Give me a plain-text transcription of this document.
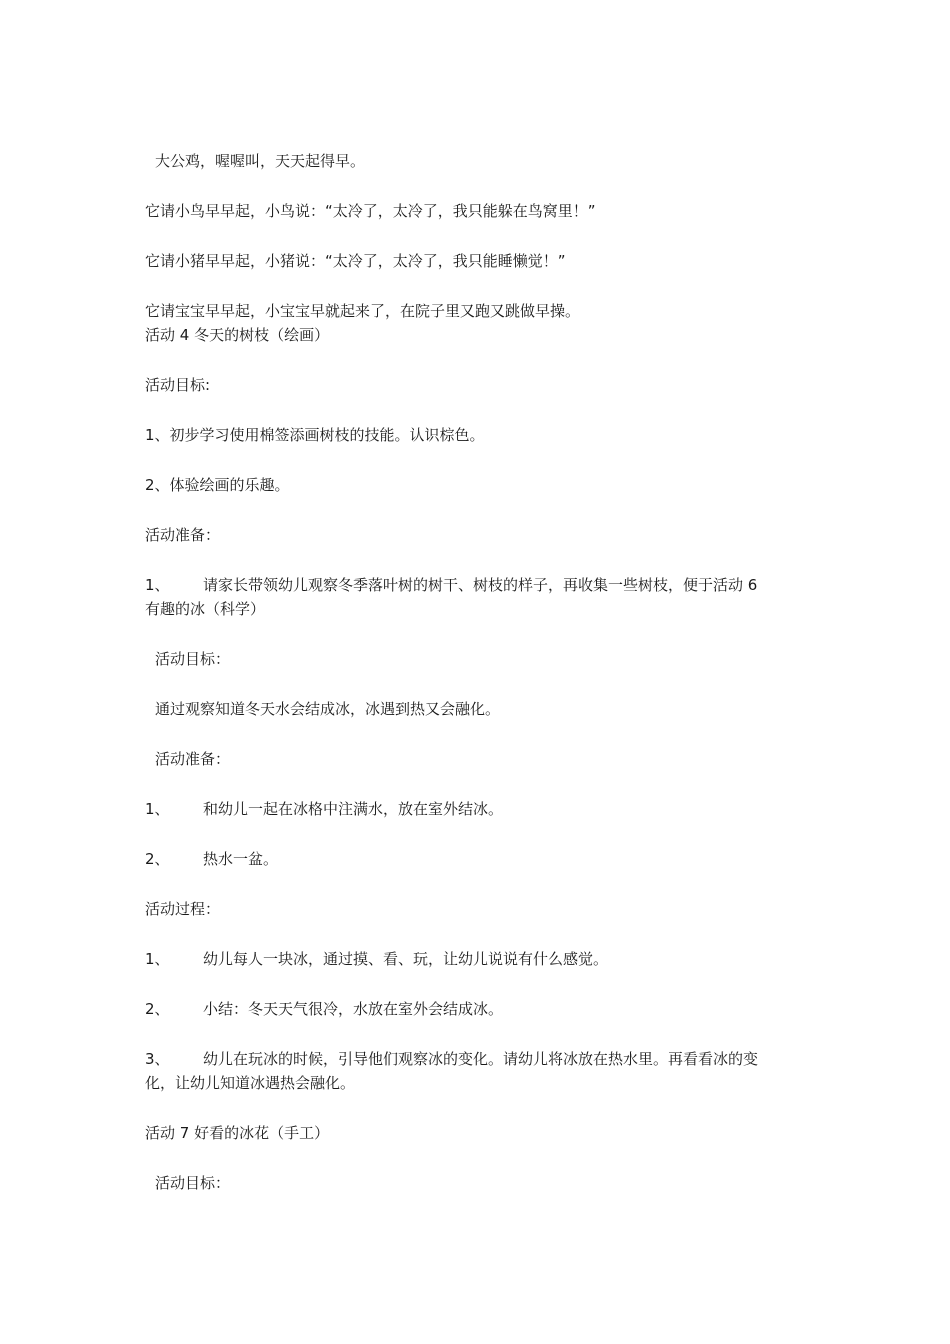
大公鸡，喔喔叫，天天起得早。
它请小鸟早早起，小鸟说：“太冷了，太冷了，我只能躲在鸟窝里！”
它请小猪早早起，小猪说：“太冷了，太冷了，我只能睡懒觉！”
它请宝宝早早起，小宝宝早就起来了，在院子里又跑又跳做早操。
活动 4 冬天的树枝（绘画）
活动目标:
1、初步学习使用棉签添画树枝的技能。认识棕色。
2、体验绘画的乐趣。
活动准备：
1、 请家长带领幼儿观察冬季落叶树的树干、树枝的样子，再收集一些树枝，便于活动 6
有趣的冰（科学）
活动目标：
通过观察知道冬天水会结成冰，冰遇到热又会融化。
活动准备：
1、 和幼儿一起在冰格中注满水，放在室外结冰。
2、 热水一盆。
活动过程：
1、 幼儿每人一块冰，通过摸、看、玩，让幼儿说说有什么感觉。
2、 小结：冬天天气很冷，水放在室外会结成冰。
3、 幼儿在玩冰的时候，引导他们观察冰的变化。请幼儿将冰放在热水里。再看看冰的变
化，让幼儿知道冰遇热会融化。
活动 7 好看的冰花（手工）
活动目标：
